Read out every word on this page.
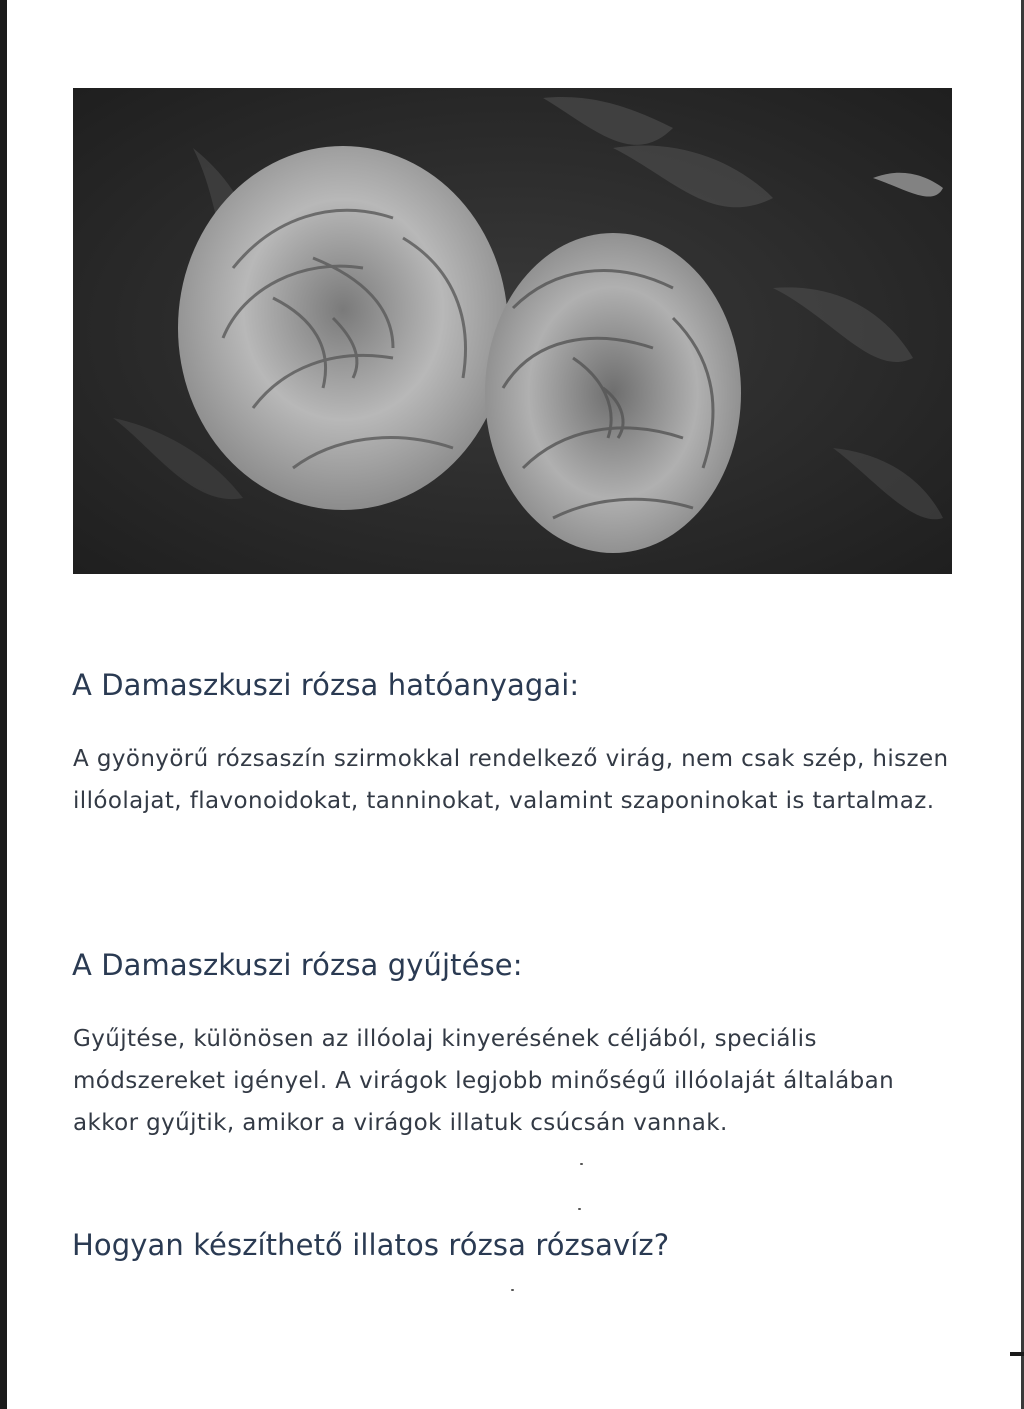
A Damaszkuszi rózsa hatóanyagai:

A gyönyörű rózsaszín szirmokkal rendelkező virág, nem csak szép, hiszen illóolajat, flavonoidokat, tanninokat, valamint szaponinokat is tartalmaz.

A Damaszkuszi rózsa gyűjtése:

Gyűjtése, különösen az illóolaj kinyerésének céljából, speciális módszereket igényel. A virágok legjobb minőségű illóolaját általában akkor gyűjtik, amikor a virágok illatuk csúcsán vannak.

Hogyan készíthető illatos rózsa rózsavíz?
